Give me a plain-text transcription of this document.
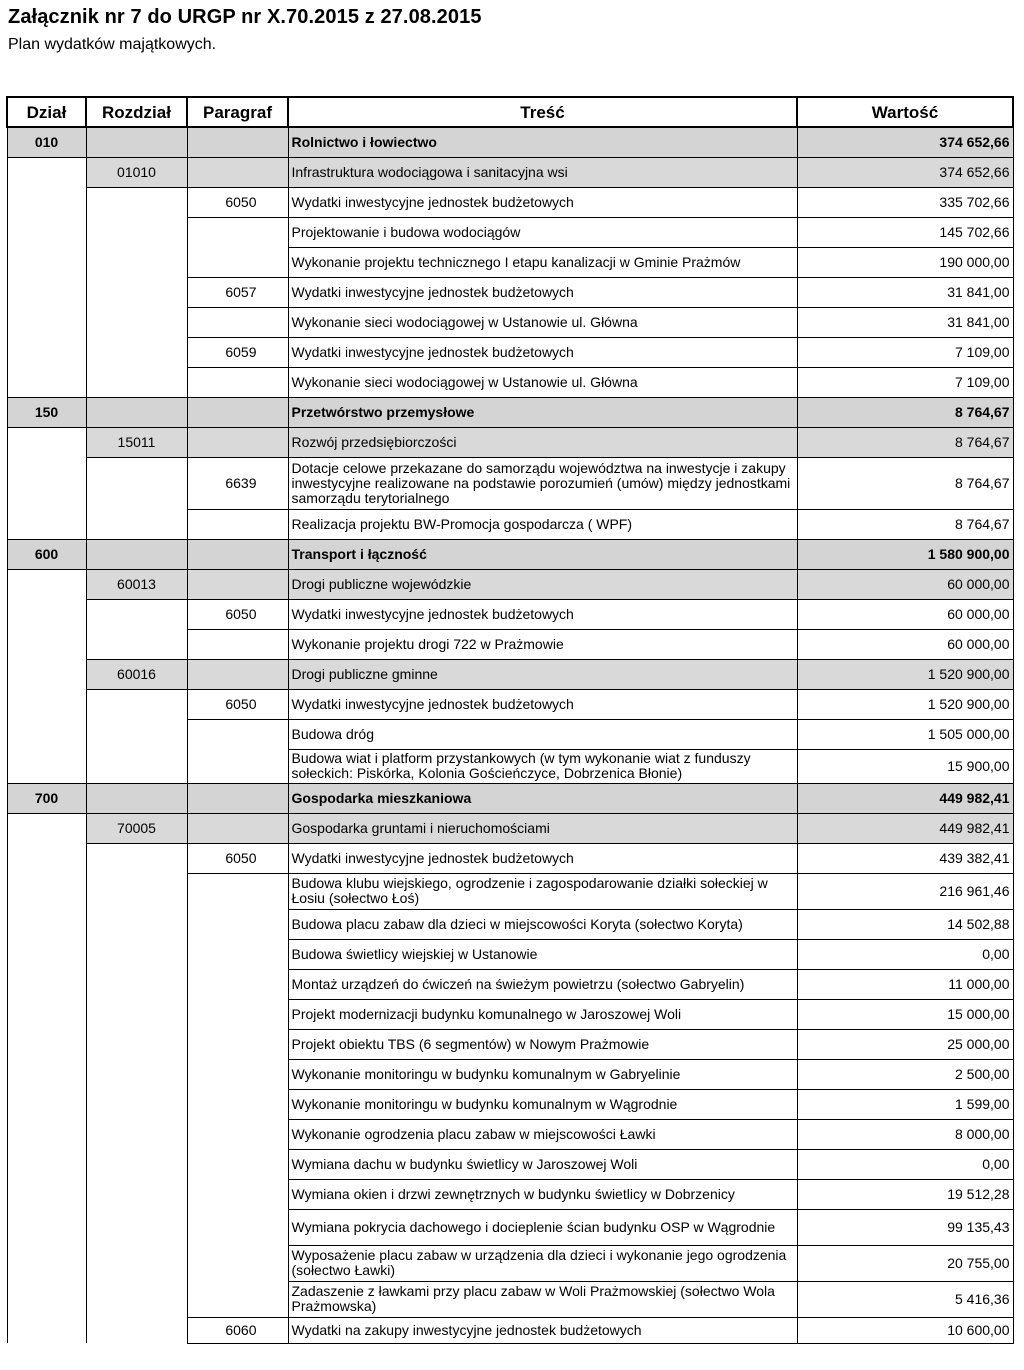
Załącznik nr 7 do URGP nr X.70.2015 z 27.08.2015
Plan wydatków majątkowych.
Dział	Rozdział	Paragraf	Treść	Wartość
010			Rolnictwo i łowiectwo	374 652,66
	01010		Infrastruktura wodociągowa i sanitacyjna wsi	374 652,66
		6050	Wydatki inwestycyjne jednostek budżetowych	335 702,66
			Projektowanie i budowa wodociągów	145 702,66
			Wykonanie projektu technicznego I etapu kanalizacji w Gminie Prażmów	190 000,00
		6057	Wydatki inwestycyjne jednostek budżetowych	31 841,00
			Wykonanie sieci wodociągowej w Ustanowie ul. Główna	31 841,00
		6059	Wydatki inwestycyjne jednostek budżetowych	7 109,00
			Wykonanie sieci wodociągowej w Ustanowie ul. Główna	7 109,00
150			Przetwórstwo przemysłowe	8 764,67
	15011		Rozwój przedsiębiorczości	8 764,67
		6639	Dotacje celowe przekazane do samorządu województwa na inwestycje i zakupy inwestycyjne realizowane na podstawie porozumień (umów) między jednostkami samorządu terytorialnego	8 764,67
			Realizacja projektu BW-Promocja gospodarcza ( WPF)	8 764,67
600			Transport i łączność	1 580 900,00
	60013		Drogi publiczne wojewódzkie	60 000,00
		6050	Wydatki inwestycyjne jednostek budżetowych	60 000,00
			Wykonanie projektu drogi 722 w Prażmowie	60 000,00
	60016		Drogi publiczne gminne	1 520 900,00
		6050	Wydatki inwestycyjne jednostek budżetowych	1 520 900,00
			Budowa dróg	1 505 000,00
			Budowa wiat i platform przystankowych (w tym wykonanie wiat z funduszy sołeckich: Piskórka, Kolonia Gościeńczyce, Dobrzenica Błonie)	15 900,00
700			Gospodarka mieszkaniowa	449 982,41
	70005		Gospodarka gruntami i nieruchomościami	449 982,41
		6050	Wydatki inwestycyjne jednostek budżetowych	439 382,41
			Budowa klubu wiejskiego, ogrodzenie i zagospodarowanie działki sołeckiej w Łosiu (sołectwo Łoś)	216 961,46
			Budowa placu zabaw dla dzieci w miejscowości Koryta (sołectwo Koryta)	14 502,88
			Budowa świetlicy wiejskiej w Ustanowie	0,00
			Montaż urządzeń do ćwiczeń na świeżym powietrzu (sołectwo Gabryelin)	11 000,00
			Projekt modernizacji budynku komunalnego w Jaroszowej Woli	15 000,00
			Projekt obiektu TBS (6 segmentów) w Nowym Prażmowie	25 000,00
			Wykonanie monitoringu w budynku komunalnym w Gabryelinie	2 500,00
			Wykonanie monitoringu w budynku komunalnym w Wągrodnie	1 599,00
			Wykonanie ogrodzenia placu zabaw w miejscowości Ławki	8 000,00
			Wymiana dachu w budynku świetlicy w Jaroszowej Woli	0,00
			Wymiana okien i drzwi zewnętrznych w budynku świetlicy w Dobrzenicy	19 512,28
			Wymiana pokrycia dachowego i docieplenie ścian budynku OSP w Wągrodnie	99 135,43
			Wyposażenie placu zabaw w urządzenia dla dzieci i wykonanie jego ogrodzenia (sołectwo Ławki)	20 755,00
			Zadaszenie z ławkami przy placu zabaw w Woli Prażmowskiej (sołectwo Wola Prażmowska)	5 416,36
		6060	Wydatki na zakupy inwestycyjne jednostek budżetowych	10 600,00
